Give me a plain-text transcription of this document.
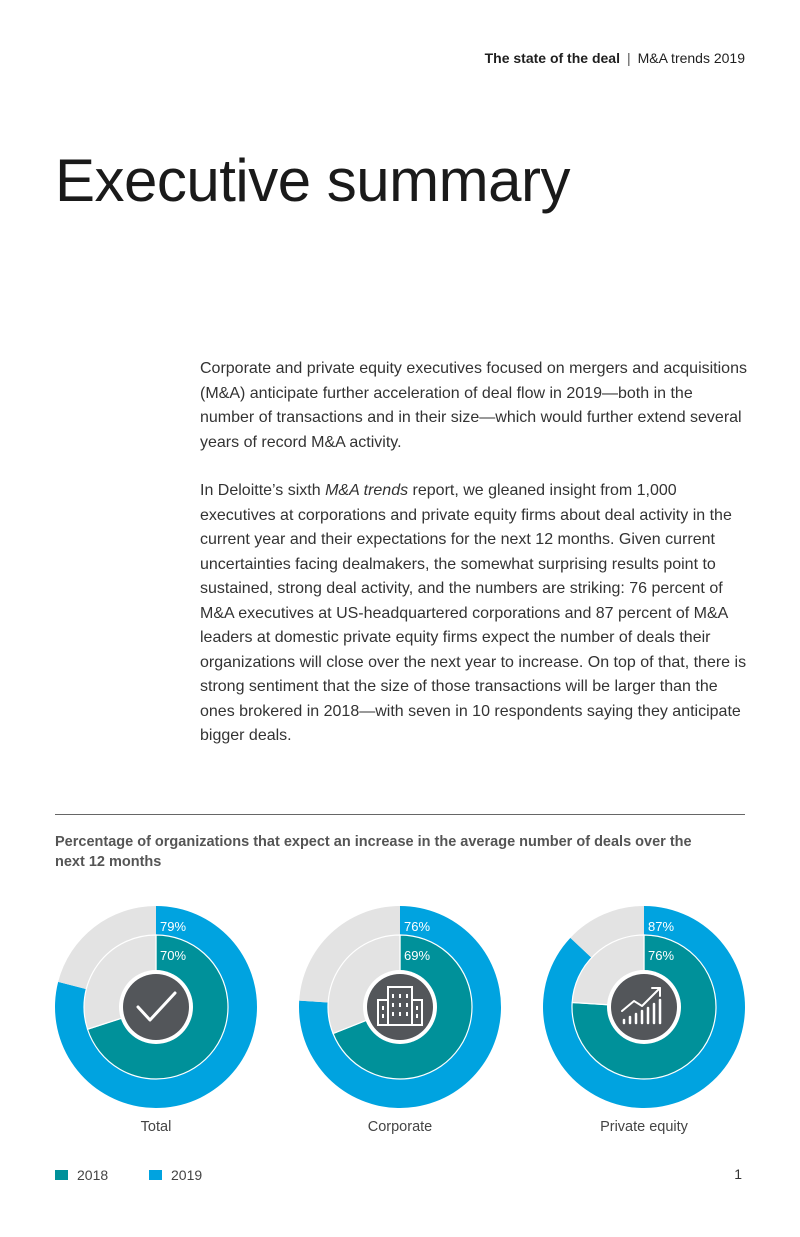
The state of the deal | M&A trends 2019
Executive summary

Corporate and private equity executives focused on mergers and acquisitions (M&A) anticipate further acceleration of deal flow in 2019—both in the number of transactions and in their size—which would further extend several years of record M&A activity.

In Deloitte’s sixth M&A trends report, we gleaned insight from 1,000 executives at corporations and private equity firms about deal activity in the current year and their expectations for the next 12 months. Given current uncertainties facing dealmakers, the somewhat surprising results point to sustained, strong deal activity, and the numbers are striking: 76 percent of M&A executives at US-headquartered corporations and 87 percent of M&A leaders at domestic private equity firms expect the number of deals their organizations will close over the next year to increase. On top of that, there is strong sentiment that the size of those transactions will be larger than the ones brokered in 2018—with seven in 10 respondents saying they anticipate bigger deals.

Percentage of organizations that expect an increase in the average number of deals over the next 12 months
79%
70%
Total
76%
69%
Corporate
87%
76%
Private equity
2018	2019	1
